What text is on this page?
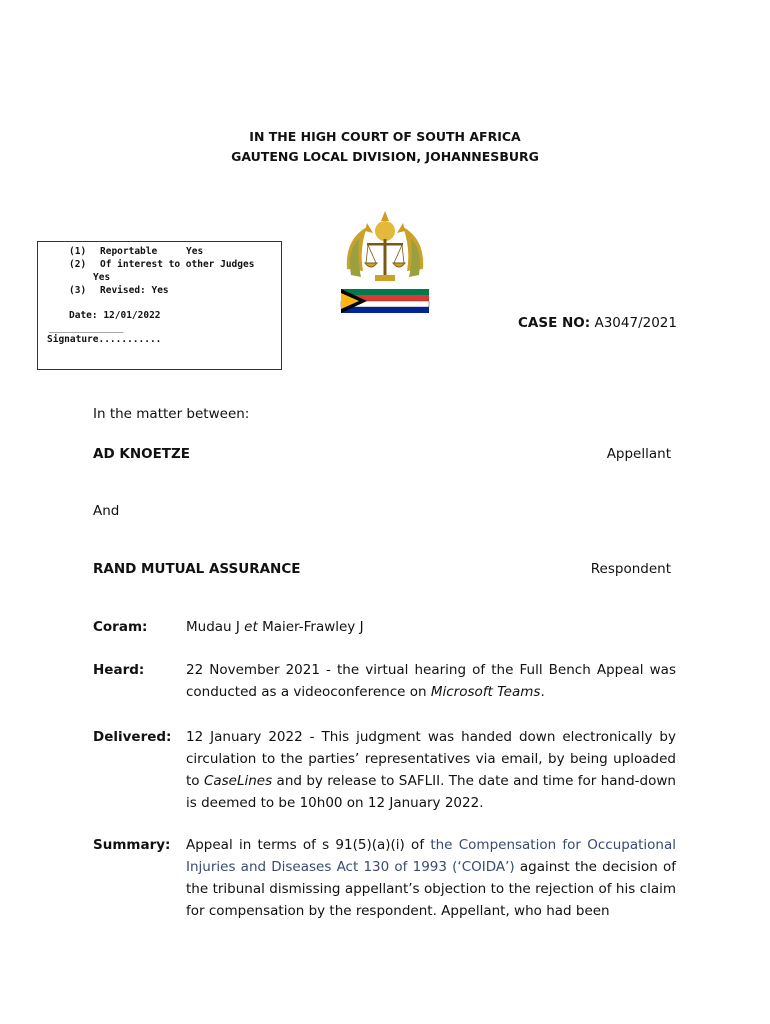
IN THE HIGH COURT OF SOUTH AFRICA
GAUTENG LOCAL DIVISION, JOHANNESBURG
(1) Reportable	Yes
(2) Of interest to other Judges
Yes
(3) Revised: Yes
Date: 12/01/2022
_____________
Signature...........
CASE NO: A3047/2021
In the matter between:
AD KNOETZE	Appellant
And
RAND MUTUAL ASSURANCE	Respondent
Coram:	Mudau J et Maier-Frawley J
Heard:	22 November 2021 - the virtual hearing of the Full Bench Appeal was conducted as a videoconference on Microsoft Teams.
Delivered: 12 January 2022 - This judgment was handed down electronically by circulation to the parties’ representatives via email, by being uploaded to CaseLines and by release to SAFLII. The date and time for hand-down is deemed to be 10h00 on 12 January 2022.
Summary: Appeal in terms of s 91(5)(a)(i) of the Compensation for Occupational Injuries and Diseases Act 130 of 1993 (‘COIDA’) against the decision of the tribunal dismissing appellant’s objection to the rejection of his claim for compensation by the respondent. Appellant, who had been
